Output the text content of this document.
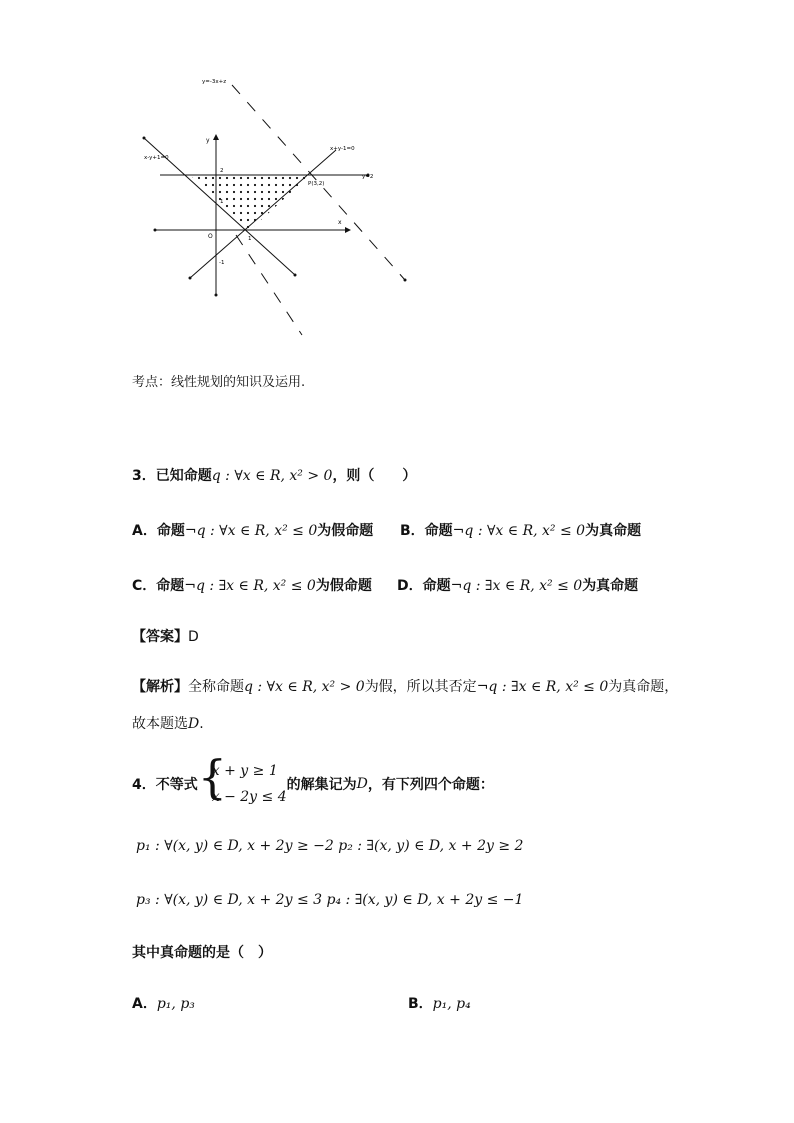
y=-3x+z
x-y+1=0
x+y-1=0
y=2
P(3,2)
y
x
O
2
1
1
-1
考点：线性规划的知识及运用.
3．已知命题q : ∀x ∈ R, x² > 0，则（　　）
A．命题¬q : ∀x ∈ R, x² ≤ 0为假命题 B．命题¬q : ∀x ∈ R, x² ≤ 0为真命题
C．命题¬q : ∃x ∈ R, x² ≤ 0为假命题 D．命题¬q : ∃x ∈ R, x² ≤ 0为真命题
【答案】D
【解析】全称命题q : ∀x ∈ R, x² > 0为假，所以其否定¬q : ∃x ∈ R, x² ≤ 0为真命题，
故本题选D.
4．不等式 {
x + y ≥ 1
x − 2y ≤ 4
的解集记为D，有下列四个命题：
p₁ : ∀(x, y) ∈ D, x + 2y ≥ −2 p₂ : ∃(x, y) ∈ D, x + 2y ≥ 2
p₃ : ∀(x, y) ∈ D, x + 2y ≤ 3 p₄ : ∃(x, y) ∈ D, x + 2y ≤ −1
其中真命题的是（　）
A．p₁, p₃	B．p₁, p₄
